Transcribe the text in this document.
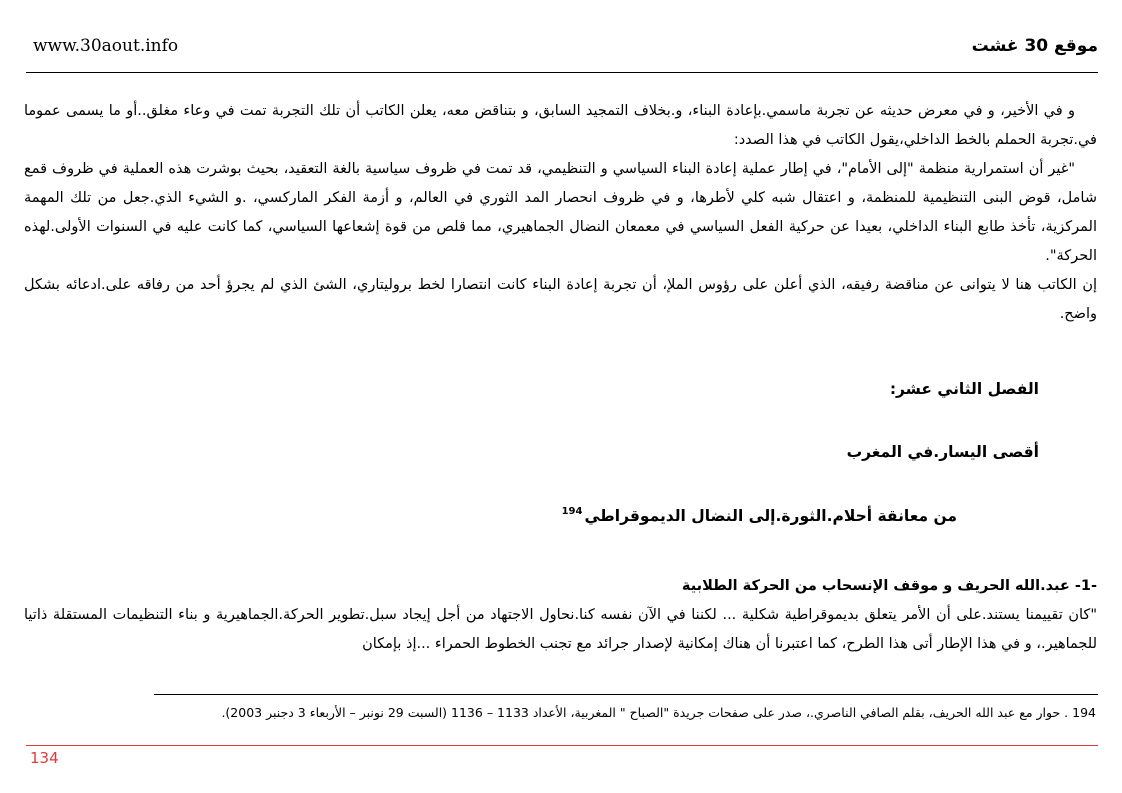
موقع 30 غشت
www.30aout.info

و في الأخير، و في معرض حديثه عن تجربة ماسمي.بإعادة البناء، و.بخلاف التمجيد السابق، و بتناقض معه، يعلن الكاتب أن تلك التجربة تمت في وعاء مغلق..أو ما يسمى عموما في.تجربة الحملم بالخط الداخلي،يقول الكاتب في هذا الصدد:

"غير أن استمرارية منظمة "إلى الأمام"، في إطار عملية إعادة البناء السياسي و التنظيمي، قد تمت في ظروف سياسية بالغة التعقيد، بحيث بوشرت هذه العملية في ظروف قمع شامل، قوض البنى التنظيمية للمنظمة، و اعتقال شبه كلي لأطرها، و في ظروف انحصار المد الثوري في العالم، و أزمة الفكر الماركسي، .و الشيء الذي.جعل من تلك المهمة المركزية، تأخذ طابع البناء الداخلي، بعيدا عن حركية الفعل السياسي في معمعان النضال الجماهيري، مما قلص من قوة إشعاعها السياسي، كما كانت عليه في السنوات الأولى.لهذه الحركة".

إن الكاتب هنا لا يتوانى عن مناقضة رفيقه، الذي أعلن على رؤوس الملإ، أن تجربة إعادة البناء كانت انتصارا لخط بروليتاري، الشئ الذي لم يجرؤ أحد من رفاقه على.ادعائه بشكل واضح.

الفصل الثاني عشر:
أقصى اليسار.في المغرب
من معانقة أحلام.الثورة.إلى النضال الديموقراطي$^{194}$
-1- عبد.الله الحريف و موقف الإنسحاب من الحركة الطلابية

"كان تقييمنا يستند.على أن الأمر يتعلق بديموقراطية شكلية ... لكننا في الآن نفسه كنا.نحاول الاجتهاد من أجل إيجاد سبل.تطوير الحركة.الجماهيرية و بناء التنظيمات المستقلة ذاتيا للجماهير.، و في هذا الإطار أتى هذا الطرح، كما اعتبرنا أن هناك إمكانية لإصدار جرائد مع تجنب الخطوط الحمراء ...إذ بإمكان

194 . حوار مع عبد الله الحريف، بقلم الصافي الناصري.، صدر على صفحات جريدة "الصباح " المغربية، الأعداد 1133 – 1136 (السبت 29 نونبر – الأربعاء 3 دجنبر 2003).
134
